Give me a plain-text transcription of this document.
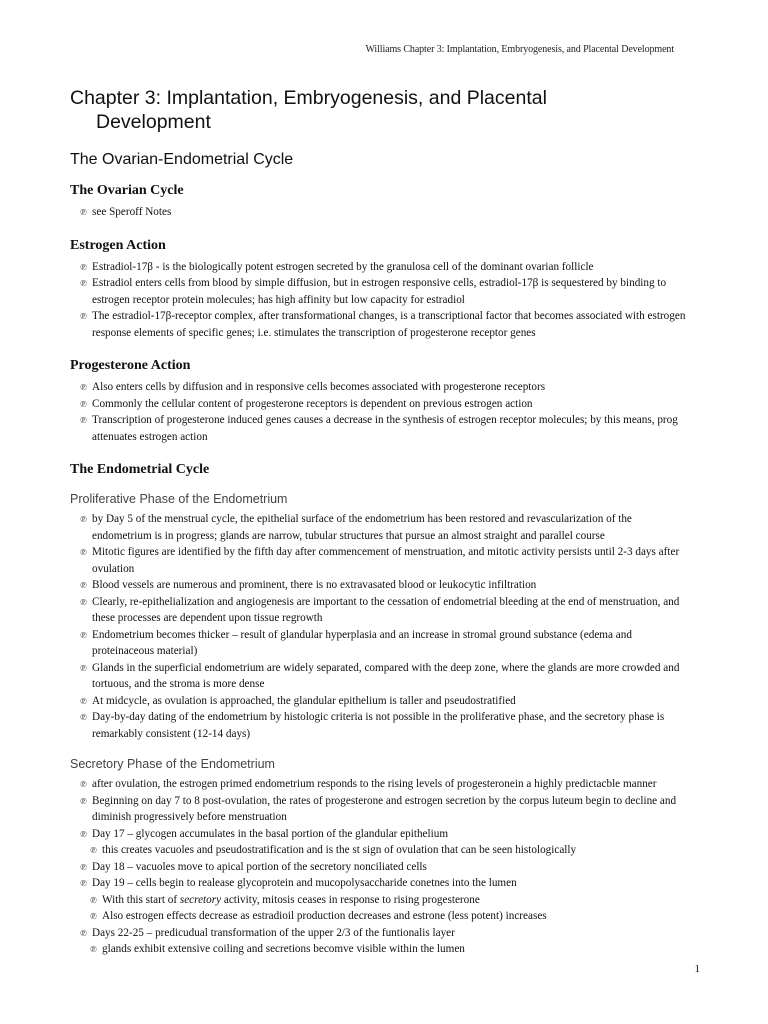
Williams Chapter 3: Implantation, Embryogenesis, and Placental Development
Chapter 3: Implantation, Embryogenesis, and Placental
Development
The Ovarian-Endometrial Cycle
The Ovarian Cycle
℗ see Speroff Notes
Estrogen Action
℗ Estradiol-17β - is the biologically potent estrogen secreted by the granulosa cell of the dominant ovarian follicle
℗ Estradiol enters cells from blood by simple diffusion, but in estrogen responsive cells, estradiol-17β is sequestered by binding to estrogen receptor protein molecules; has high affinity but low capacity for estradiol
℗ The estradiol-17β-receptor complex, after transformational changes, is a transcriptional factor that becomes associated with estrogen response elements of specific genes; i.e. stimulates the transcription of progesterone receptor genes
Progesterone Action
℗ Also enters cells by diffusion and in responsive cells becomes associated with progesterone receptors
℗ Commonly the cellular content of progesterone receptors is dependent on previous estrogen action
℗ Transcription of progesterone induced genes causes a decrease in the synthesis of estrogen receptor molecules; by this means, prog attenuates estrogen action
The Endometrial Cycle
Proliferative Phase of the Endometrium
℗ by Day 5 of the menstrual cycle, the epithelial surface of the endometrium has been restored and revascularization of the endometrium is in progress; glands are narrow, tubular structures that pursue an almost straight and parallel course
℗ Mitotic figures are identified by the fifth day after commencement of menstruation, and mitotic activity persists until 2-3 days after ovulation
℗ Blood vessels are numerous and prominent, there is no extravasated blood or leukocytic infiltration
℗ Clearly, re-epithelialization and angiogenesis are important to the cessation of endometrial bleeding at the end of menstruation, and these processes are dependent upon tissue regrowth
℗ Endometrium becomes thicker – result of glandular hyperplasia and an increase in stromal ground substance (edema and proteinaceous material)
℗ Glands in the superficial endometrium are widely separated, compared with the deep zone, where the glands are more crowded and tortuous, and the stroma is more dense
℗ At midcycle, as ovulation is approached, the glandular epithelium is taller and pseudostratified
℗ Day-by-day dating of the endometrium by histologic criteria is not possible in the proliferative phase, and the secretory phase is remarkably consistent (12-14 days)
Secretory Phase of the Endometrium
℗ after ovulation, the estrogen primed endometrium responds to the rising levels of progesteronein a highly predictacble manner
℗ Beginning on day 7 to 8 post-ovulation, the rates of progesterone and estrogen secretion by the corpus luteum begin to decline and diminish progressively before menstruation
℗ Day 17 – glycogen accumulates in the basal portion of the glandular epithelium
℗ this creates vacuoles and pseudostratification and is the st sign of ovulation that can be seen histologically
℗ Day 18 – vacuoles move to apical portion of the secretory nonciliated cells
℗ Day 19 – cells begin to realease glycoprotein and mucopolysaccharide conetnes into the lumen
℗ With this start of secretory activity, mitosis ceases in response to rising progesterone
℗ Also estrogen effects decrease as estradioil production decreases and estrone (less potent) increases
℗ Days 22-25 – predicudual transformation of the upper 2/3 of the funtionalis layer
℗ glands exhibit extensive coiling and secretions becomve visible within the lumen
1
